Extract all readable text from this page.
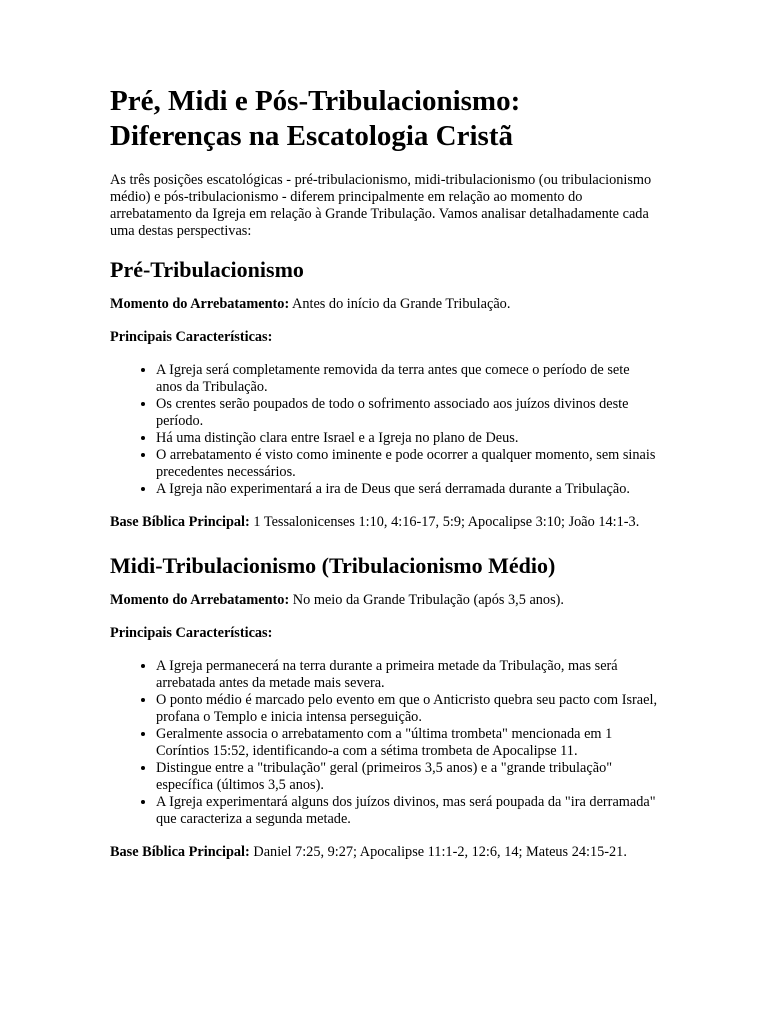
Pré, Midi e Pós-Tribulacionismo:
Diferenças na Escatologia Cristã

As três posições escatológicas - pré-tribulacionismo, midi-tribulacionismo (ou tribulacionismo médio) e pós-tribulacionismo - diferem principalmente em relação ao momento do arrebatamento da Igreja em relação à Grande Tribulação. Vamos analisar detalhadamente cada uma destas perspectivas:

Pré-Tribulacionismo

Momento do Arrebatamento: Antes do início da Grande Tribulação.

Principais Características:

• A Igreja será completamente removida da terra antes que comece o período de sete anos da Tribulação.
• Os crentes serão poupados de todo o sofrimento associado aos juízos divinos deste período.
• Há uma distinção clara entre Israel e a Igreja no plano de Deus.
• O arrebatamento é visto como iminente e pode ocorrer a qualquer momento, sem sinais precedentes necessários.
• A Igreja não experimentará a ira de Deus que será derramada durante a Tribulação.

Base Bíblica Principal: 1 Tessalonicenses 1:10, 4:16-17, 5:9; Apocalipse 3:10; João 14:1-3.

Midi-Tribulacionismo (Tribulacionismo Médio)

Momento do Arrebatamento: No meio da Grande Tribulação (após 3,5 anos).

Principais Características:

• A Igreja permanecerá na terra durante a primeira metade da Tribulação, mas será arrebatada antes da metade mais severa.
• O ponto médio é marcado pelo evento em que o Anticristo quebra seu pacto com Israel, profana o Templo e inicia intensa perseguição.
• Geralmente associa o arrebatamento com a "última trombeta" mencionada em 1 Coríntios 15:52, identificando-a com a sétima trombeta de Apocalipse 11.
• Distingue entre a "tribulação" geral (primeiros 3,5 anos) e a "grande tribulação" específica (últimos 3,5 anos).
• A Igreja experimentará alguns dos juízos divinos, mas será poupada da "ira derramada" que caracteriza a segunda metade.

Base Bíblica Principal: Daniel 7:25, 9:27; Apocalipse 11:1-2, 12:6, 14; Mateus 24:15-21.
